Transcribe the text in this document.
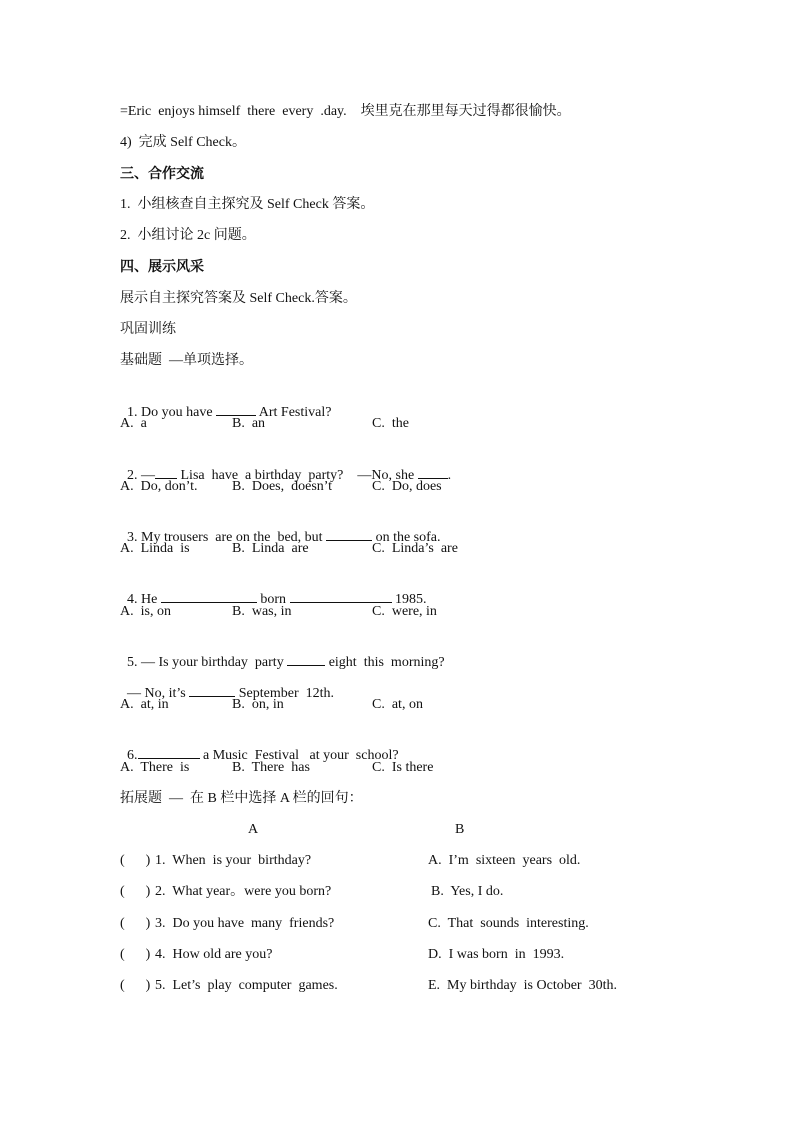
=Eric  enjoys himself  there  every  .day.    埃里克在那里每天过得都很愉快。
4)  完成 Self Check。
三、合作交流
1.  小组核查自主探究及 Self Check 答案。
2.  小组讨论 2c 问题。
四、展示风采
展示自主探究答案及 Self Check.答案。
巩固训练
基础题  —单项选择。

1. Do you have	Art Festival?

A.  a	B.  an	C.  the

2. — Lisa  have  a birthday  party?    —No, she .

A.  Do, don’t. B.  Does,  doesn’t	C.  Do, does

3. My trousers  are on the  bed, but	on the sofa.

A.  Linda  is	B.  Linda  are	C.  Linda’s  are

4. He	born	1985.

A.  is, on	B.  was, in	C.  were, in

5. — Is your birthday  party	eight  this  morning?

— No, it’s	September  12th.

A.  at, in	B.  on, in	C.  at, on

6.	a Music  Festival   at your  school?

A.  There  is	B.  There  has	C.  Is there
拓展题  —  在 B 栏中选择 A 栏的回句：
A	B
(      ) 1.  When  is your  birthday?	A.  I’m  sixteen  years  old.
(      ) 2.  What year。were you born?	B.  Yes, I do.
(      ) 3.  Do you have  many  friends?	C.  That  sounds  interesting.
(      ) 4.  How old are you?	D.  I was born  in  1993.
(      ) 5.  Let’s  play  computer  games.	E.  My birthday  is October  30th.
